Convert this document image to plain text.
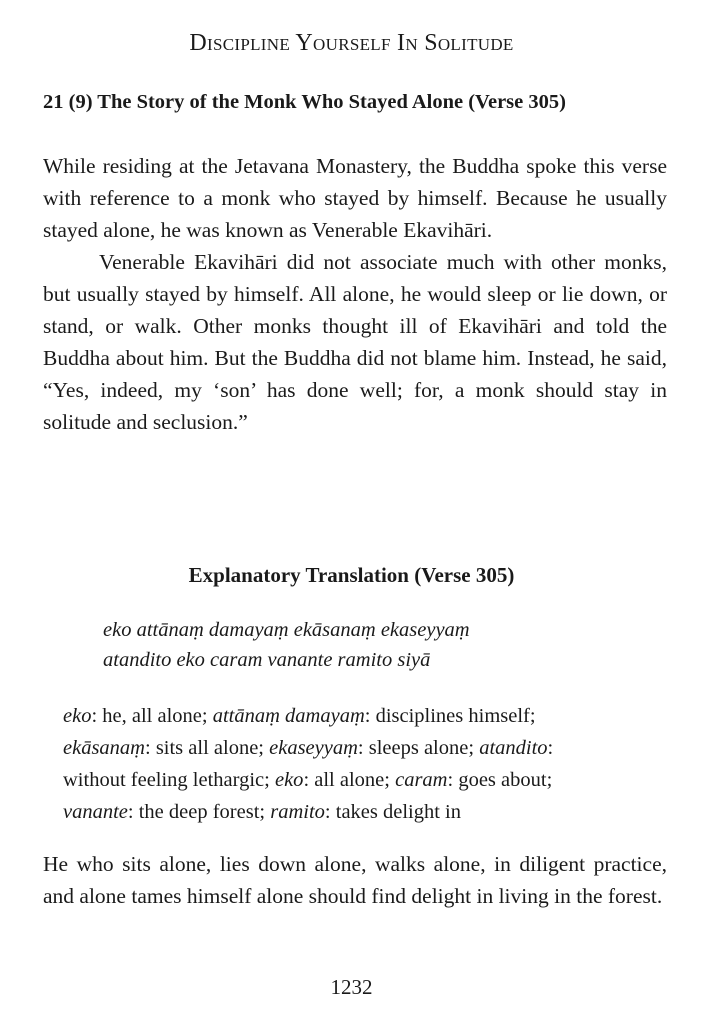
Discipline Yourself In Solitude
21 (9) The Story of the Monk Who Stayed Alone (Verse 305)

While residing at the Jetavana Monastery, the Buddha spoke this verse with reference to a monk who stayed by himself. Because he usually stayed alone, he was known as Venerable Ekavihāri.

Venerable Ekavihāri did not associate much with other monks, but usually stayed by himself. All alone, he would sleep or lie down, or stand, or walk. Other monks thought ill of Ekavihāri and told the Buddha about him. But the Buddha did not blame him. Instead, he said, “Yes, indeed, my ‘son’ has done well; for, a monk should stay in solitude and seclusion.”

Explanatory Translation (Verse 305)
eko attānaṃ damayaṃ ekāsanaṃ ekaseyyaṃ
atandito eko caram vanante ramito siyā
eko: he, all alone; attānaṃ damayaṃ: disciplines himself;
ekāsanaṃ: sits all alone; ekaseyyaṃ: sleeps alone; atandito:
without feeling lethargic; eko: all alone; caram: goes about;
vanante: the deep forest; ramito: takes delight in

He who sits alone, lies down alone, walks alone, in diligent practice, and alone tames himself alone should find delight in living in the forest.

1232
